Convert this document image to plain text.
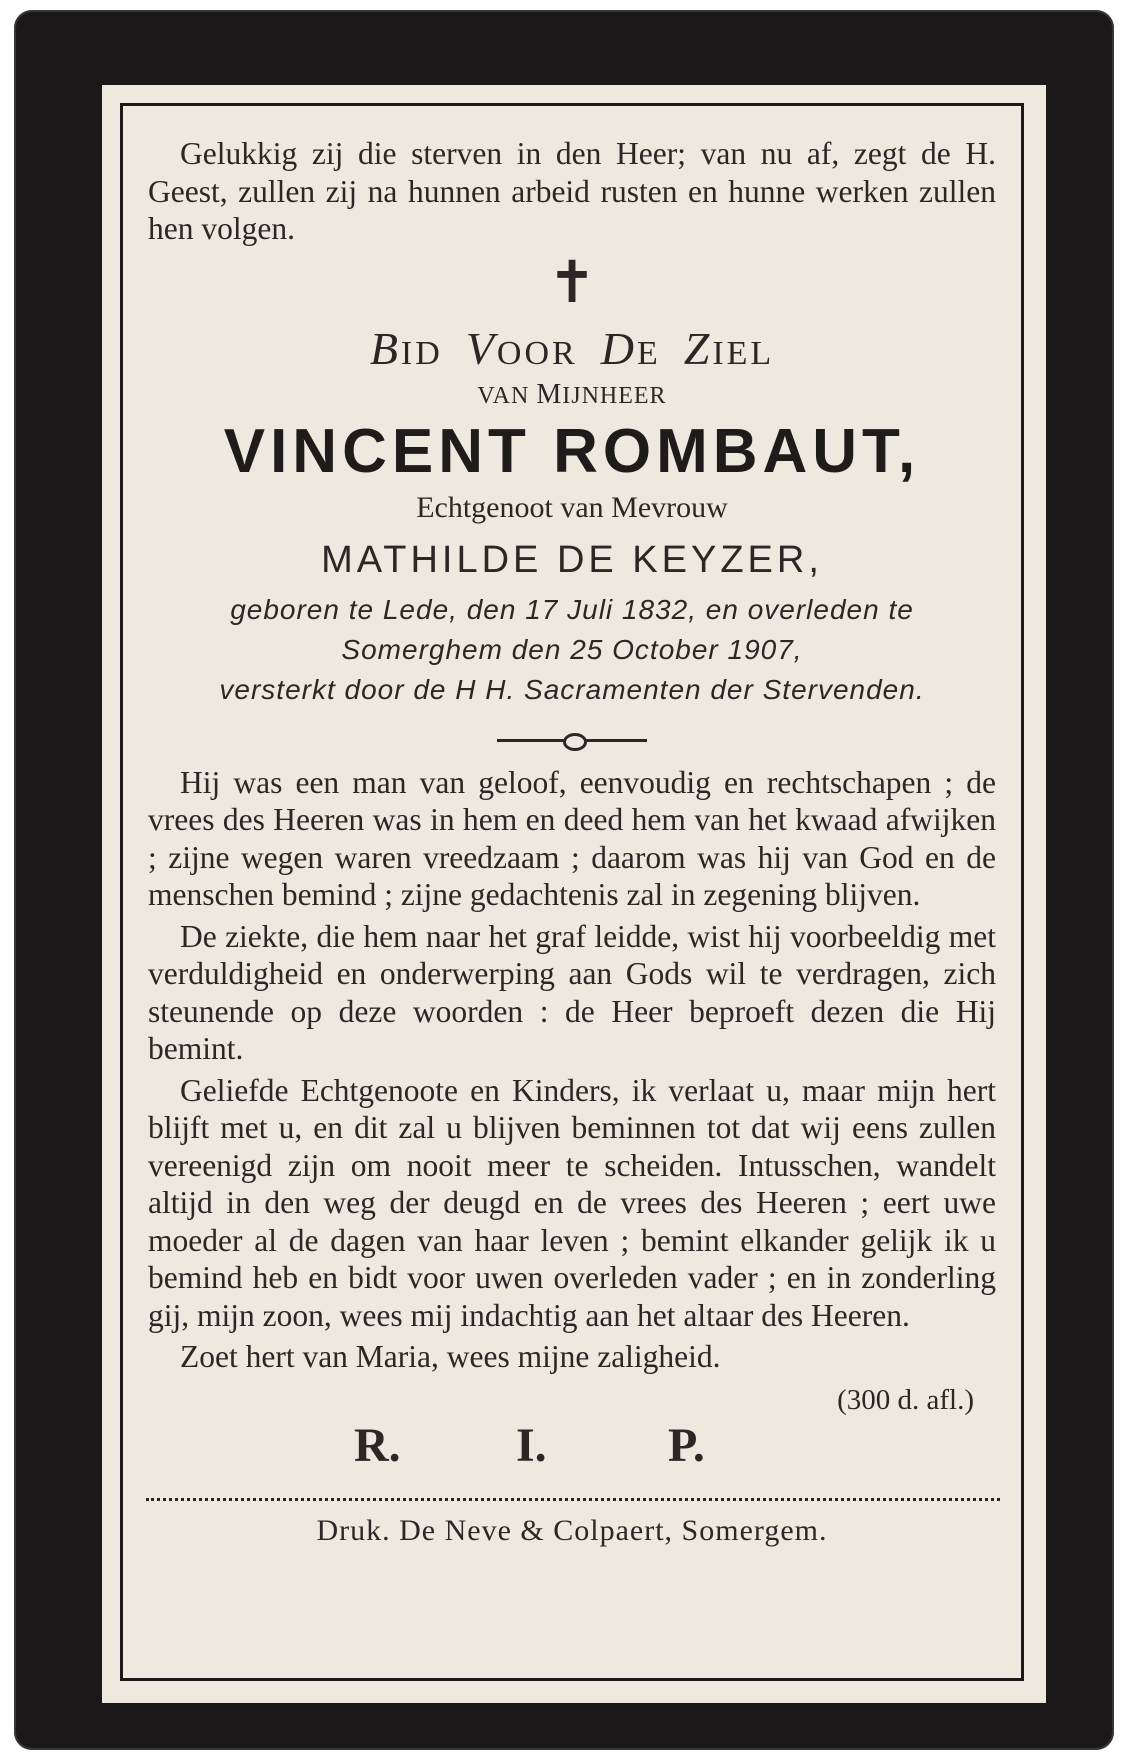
Gelukkig zij die sterven in den Heer; van nu af, zegt de H. Geest, zullen zij na hunnen arbeid rusten en hunne werken zullen hen volgen.

✝
BID VOOR DE ZIEL
VAN MIJNHEER
VINCENT ROMBAUT,
Echtgenoot van Mevrouw
MATHILDE DE KEYZER,
geboren te Lede, den 17 Juli 1832, en overleden te
Somerghem den 25 October 1907,
versterkt door de H H. Sacramenten der Stervenden.

Hij was een man van geloof, eenvoudig en rechtschapen ; de vrees des Heeren was in hem en deed hem van het kwaad afwijken ; zijne wegen waren vreedzaam ; daarom was hij van God en de menschen bemind ; zijne gedachtenis zal in zegening blijven.

De ziekte, die hem naar het graf leidde, wist hij voorbeeldig met verduldigheid en onderwerping aan Gods wil te verdragen, zich steunende op deze woorden : de Heer beproeft dezen die Hij bemint.

Geliefde Echtgenoote en Kinders, ik verlaat u, maar mijn hert blijft met u, en dit zal u blijven beminnen tot dat wij eens zullen vereenigd zijn om nooit meer te scheiden. Intusschen, wandelt altijd in den weg der deugd en de vrees des Heeren ; eert uwe moeder al de dagen van haar leven ; bemint elkander gelijk ik u bemind heb en bidt voor uwen overleden vader ; en in zonderling gij, mijn zoon, wees mij indachtig aan het altaar des Heeren.

Zoet hert van Maria, wees mijne zaligheid.

(300 d. afl.)
R. I.	P.
Druk. De Neve & Colpaert, Somergem.
